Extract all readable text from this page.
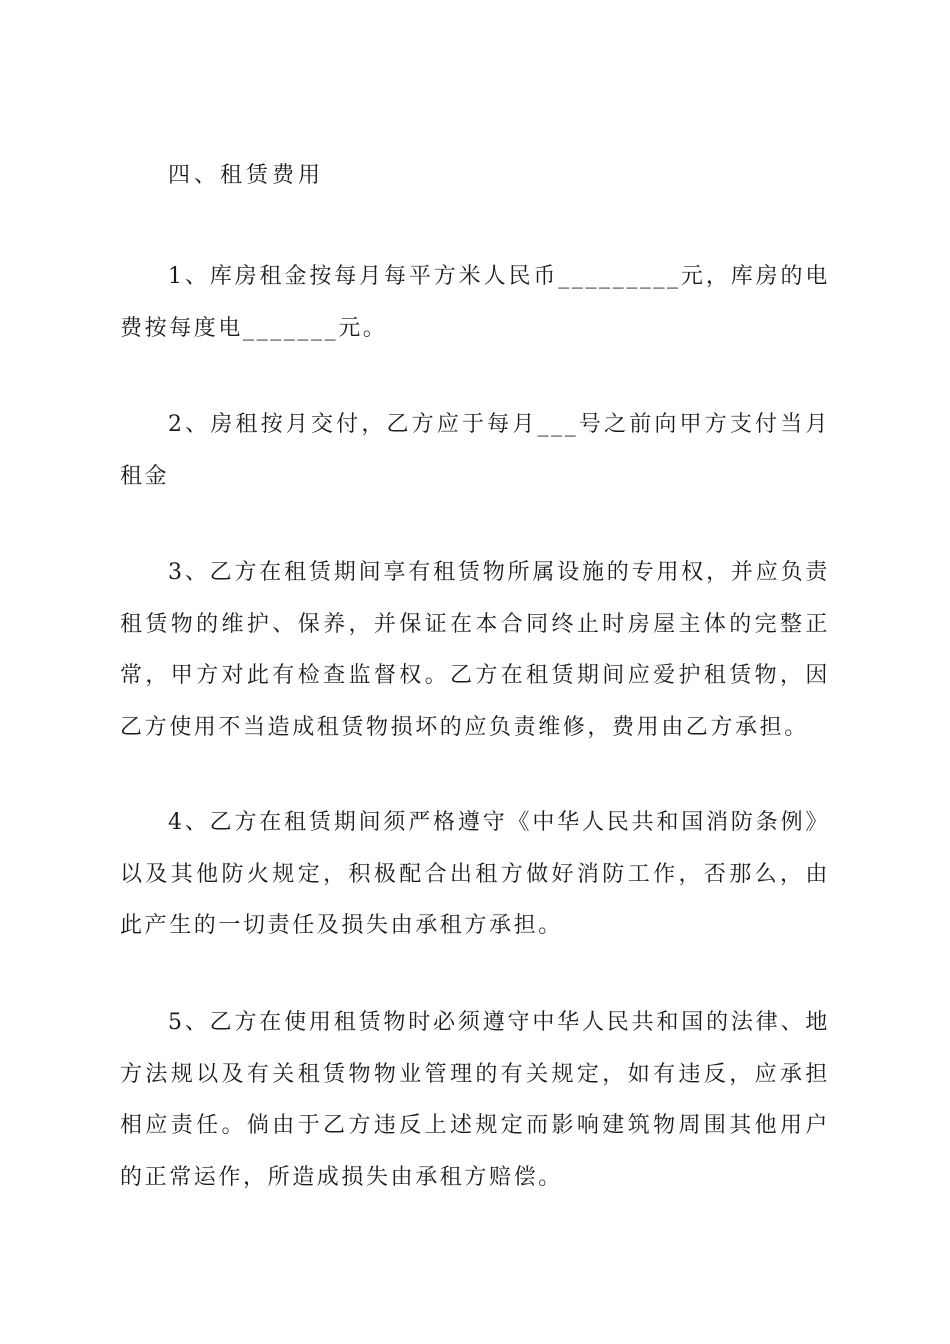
四、租赁费用

1、库房租金按每月每平方米人民币_________元，库房的电费按每度电_______元。

2、房租按月交付，乙方应于每月___号之前向甲方支付当月租金

3、乙方在租赁期间享有租赁物所属设施的专用权，并应负责租赁物的维护、保养，并保证在本合同终止时房屋主体的完整正常，甲方对此有检查监督权。乙方在租赁期间应爱护租赁物，因乙方使用不当造成租赁物损坏的应负责维修，费用由乙方承担。

4、乙方在租赁期间须严格遵守《中华人民共和国消防条例》以及其他防火规定，积极配合出租方做好消防工作，否那么，由此产生的一切责任及损失由承租方承担。

5、乙方在使用租赁物时必须遵守中华人民共和国的法律、地方法规以及有关租赁物物业管理的有关规定，如有违反，应承担相应责任。倘由于乙方违反上述规定而影响建筑物周围其他用户的正常运作，所造成损失由承租方赔偿。
